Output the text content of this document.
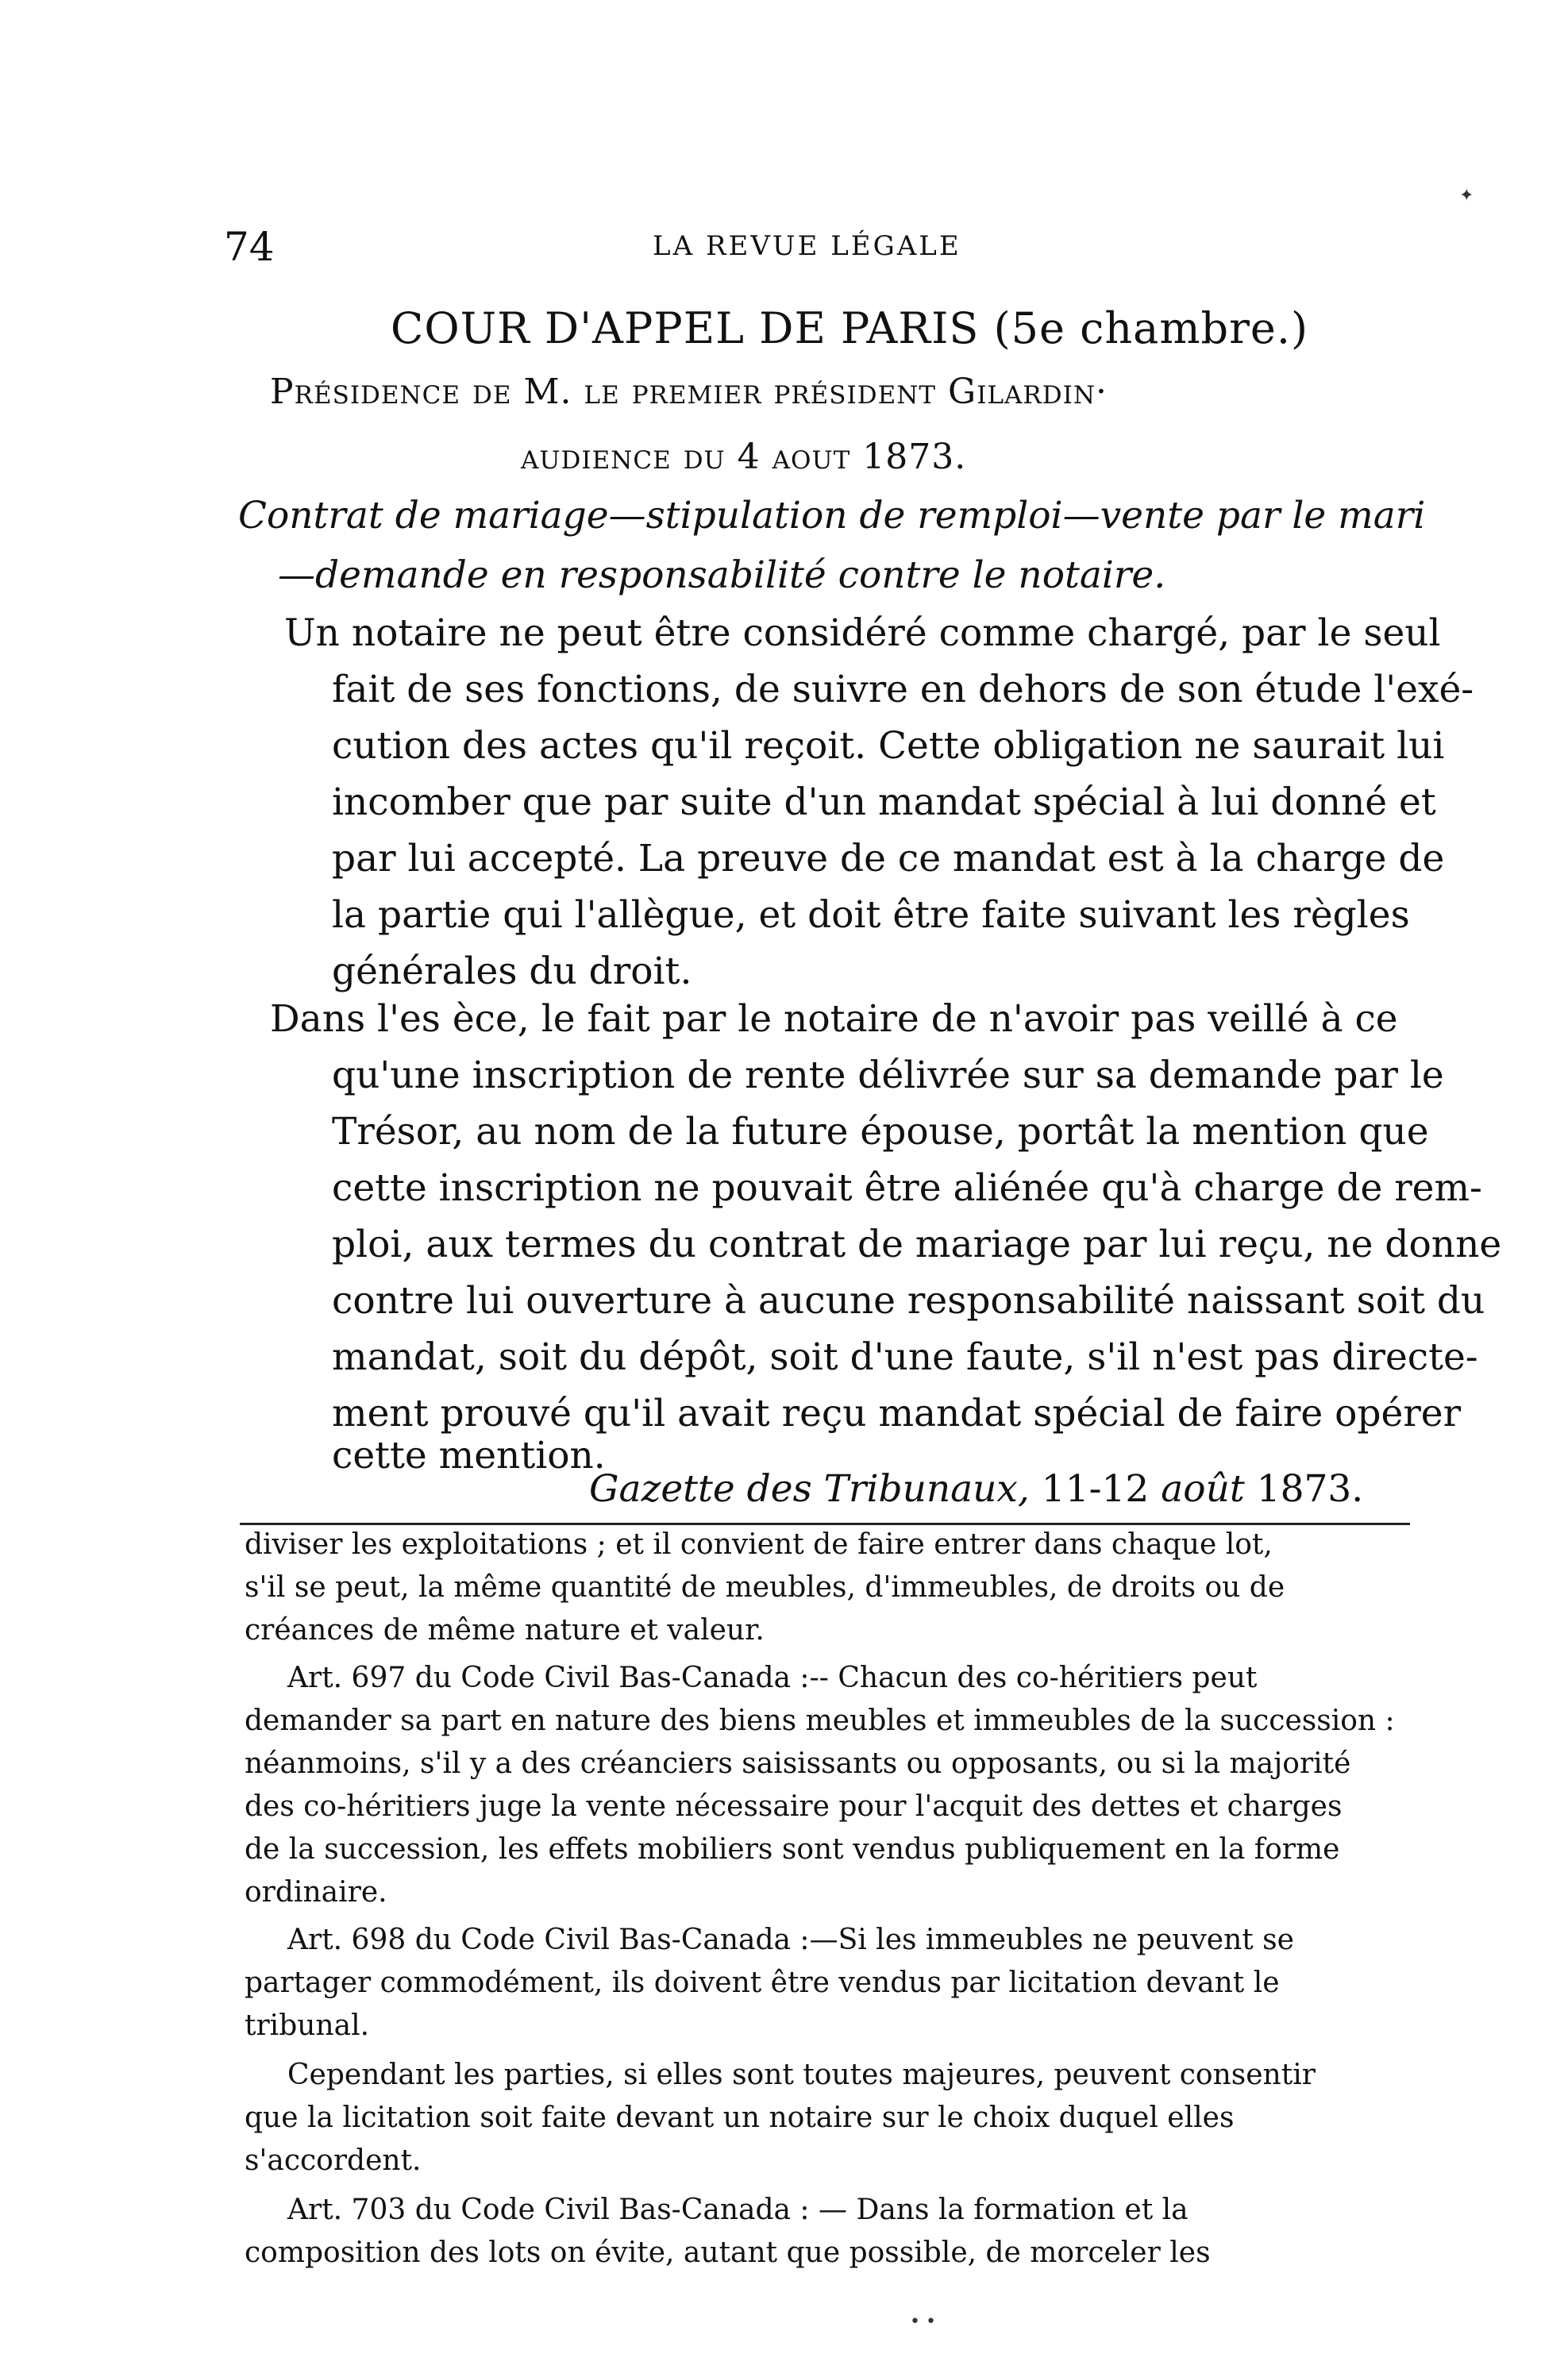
74	LA REVUE LÉGALE
COUR D'APPEL DE PARIS (5e chambre.)
Présidence de M. le premier président Gilardin·
audience du 4 aout 1873.
Contrat de mariage—stipulation de remploi—vente par le mari
—demande en responsabilité contre le notaire.
Un notaire ne peut être considéré comme chargé, par le seul
fait de ses fonctions, de suivre en dehors de son étude l'exé-
cution des actes qu'il reçoit. Cette obligation ne saurait lui
incomber que par suite d'un mandat spécial à lui donné et
par lui accepté. La preuve de ce mandat est à la charge de
la partie qui l'allègue, et doit être faite suivant les règles
générales du droit.
Dans l'es èce, le fait par le notaire de n'avoir pas veillé à ce
qu'une inscription de rente délivrée sur sa demande par le
Trésor, au nom de la future épouse, portât la mention que
cette inscription ne pouvait être aliénée qu'à charge de rem-
ploi, aux termes du contrat de mariage par lui reçu, ne donne
contre lui ouverture à aucune responsabilité naissant soit du
mandat, soit du dépôt, soit d'une faute, s'il n'est pas directe-
ment prouvé qu'il avait reçu mandat spécial de faire opérer
cette mention.
Gazette des Tribunaux, 11-12 août 1873.
diviser les exploitations ; et il convient de faire entrer dans chaque lot,
s'il se peut, la même quantité de meubles, d'immeubles, de droits ou de
créances de même nature et valeur.
Art. 697 du Code Civil Bas-Canada :-- Chacun des co-héritiers peut
demander sa part en nature des biens meubles et immeubles de la succession :
néanmoins, s'il y a des créanciers saisissants ou opposants, ou si la majorité
des co-héritiers juge la vente nécessaire pour l'acquit des dettes et charges
de la succession, les effets mobiliers sont vendus publiquement en la forme
ordinaire.
Art. 698 du Code Civil Bas-Canada :—Si les immeubles ne peuvent se
partager commodément, ils doivent être vendus par licitation devant le
tribunal.
Cependant les parties, si elles sont toutes majeures, peuvent consentir
que la licitation soit faite devant un notaire sur le choix duquel elles
s'accordent.
Art. 703 du Code Civil Bas-Canada : — Dans la formation et la
composition des lots on évite, autant que possible, de morceler les
✦
• •
